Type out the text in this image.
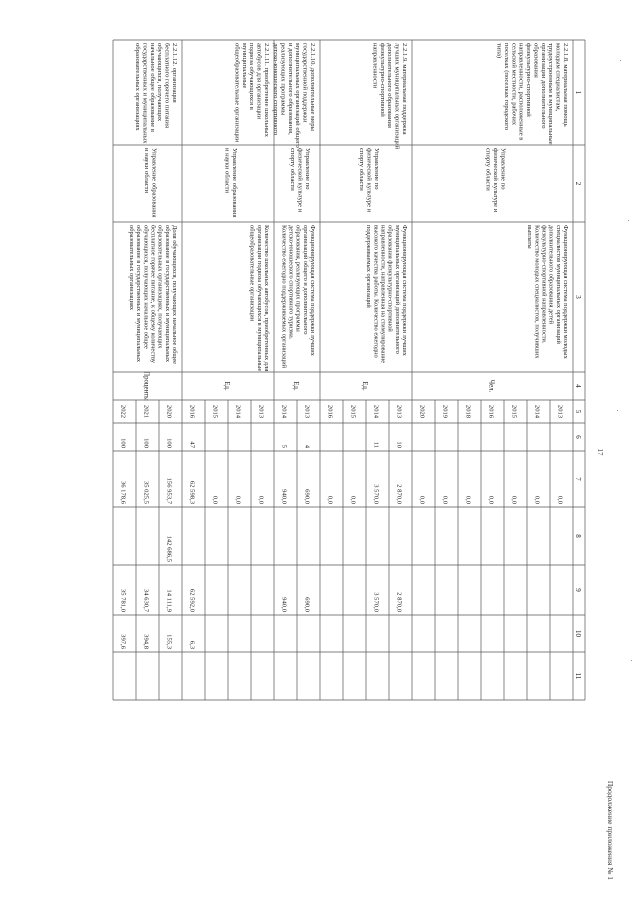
Продолжение приложения № 1
17
1
2
3
4
5
6
7
8
9
10
11
2.2.1.8. материальная помощьмолодым специалистам,трудоустроенным в муниципальныеорганизации дополнительногообразованияфизкультурно-спортивнойнаправленности, расположенные всельской местности, рабочихпоселках (поселках городскоготипа)
Управление пофизической культуре испорту области
Функционирующая система поддержки молодыхспециалистов муниципальных организацийдополнительного образования детейфизкультурно-спортивной направленности.Количество молодых специалистов, получившихвыплаты
Чел.
2013
0,0
2014
0,0
2015
0,0
2016
0,0
2018
0,0
2019
0,0
2020
0,0
2.2.1.9. материальная поддержкалучших муниципальных организацийдополнительного образованияфизкультурно-спортивнойнаправленности
Управление пофизической культуре испорту области
Функционирующая система поддержки лучшихмуниципальных организаций дополнительногообразования физкультурно-спортивнойнаправленности, направленная на стимулированиевысокого качества работы. Количество ежегодноподдерживаемых организаций
Ед.
2013
10
2 870,0
2 870,0
2014
11
3 570,0
3 570,0
2015
0,0
2016
0,0
2.2.1.10. дополнительные мерыгосударственной поддержкимуниципальных организаций общегои дополнительного образования,реализующих программыдетско-юношеского спортивного
Управление пофизической культуре испорту области
Функционирующая система поддержки лучшихорганизаций общего и дополнительногообразования, реализующих программыдетско-юношеского спортивного туризма.Количество ежегодно поддерживаемых организаций
Ед.
2013
4
690,0
690,0
2014
5
940,0
940,0
2.2.1.11. приобретение школьныхавтобусов для организацииподвоза обучающихся вмуниципальныеобщеобразовательные организации
Управление образованияи науки области
Количество школьных автобусов, приобретенных дляорганизации подвоза обучающихся в муниципальныеобщеобразовательные организации
Ед.
2013
0,0
2014
0,0
2015
0,0
2016
47
62 598,3
62 592,0
6,3
2.2.1.12. организациябесплатного горячего питанияобучающихся, получающихначальное общее образование вгосударственных и муниципальныхобразовательных организациях
Управление образованияи науки области
Доля обучающихся, получающих начальное общееобразование в государственных и муниципальныхобразовательных организациях, получающихбесплатное горячее питание, к общему количествуобучающихся, получающих начальное общееобразование в государственных и муниципальныхобразовательных организациях
Проценты
2020
100
156 953,7
142 686,5
14 111,9
155,3
2021
100
35 025,5
34 630,7
394,8
2022
100
36 178,6
35 781,0
397,6
